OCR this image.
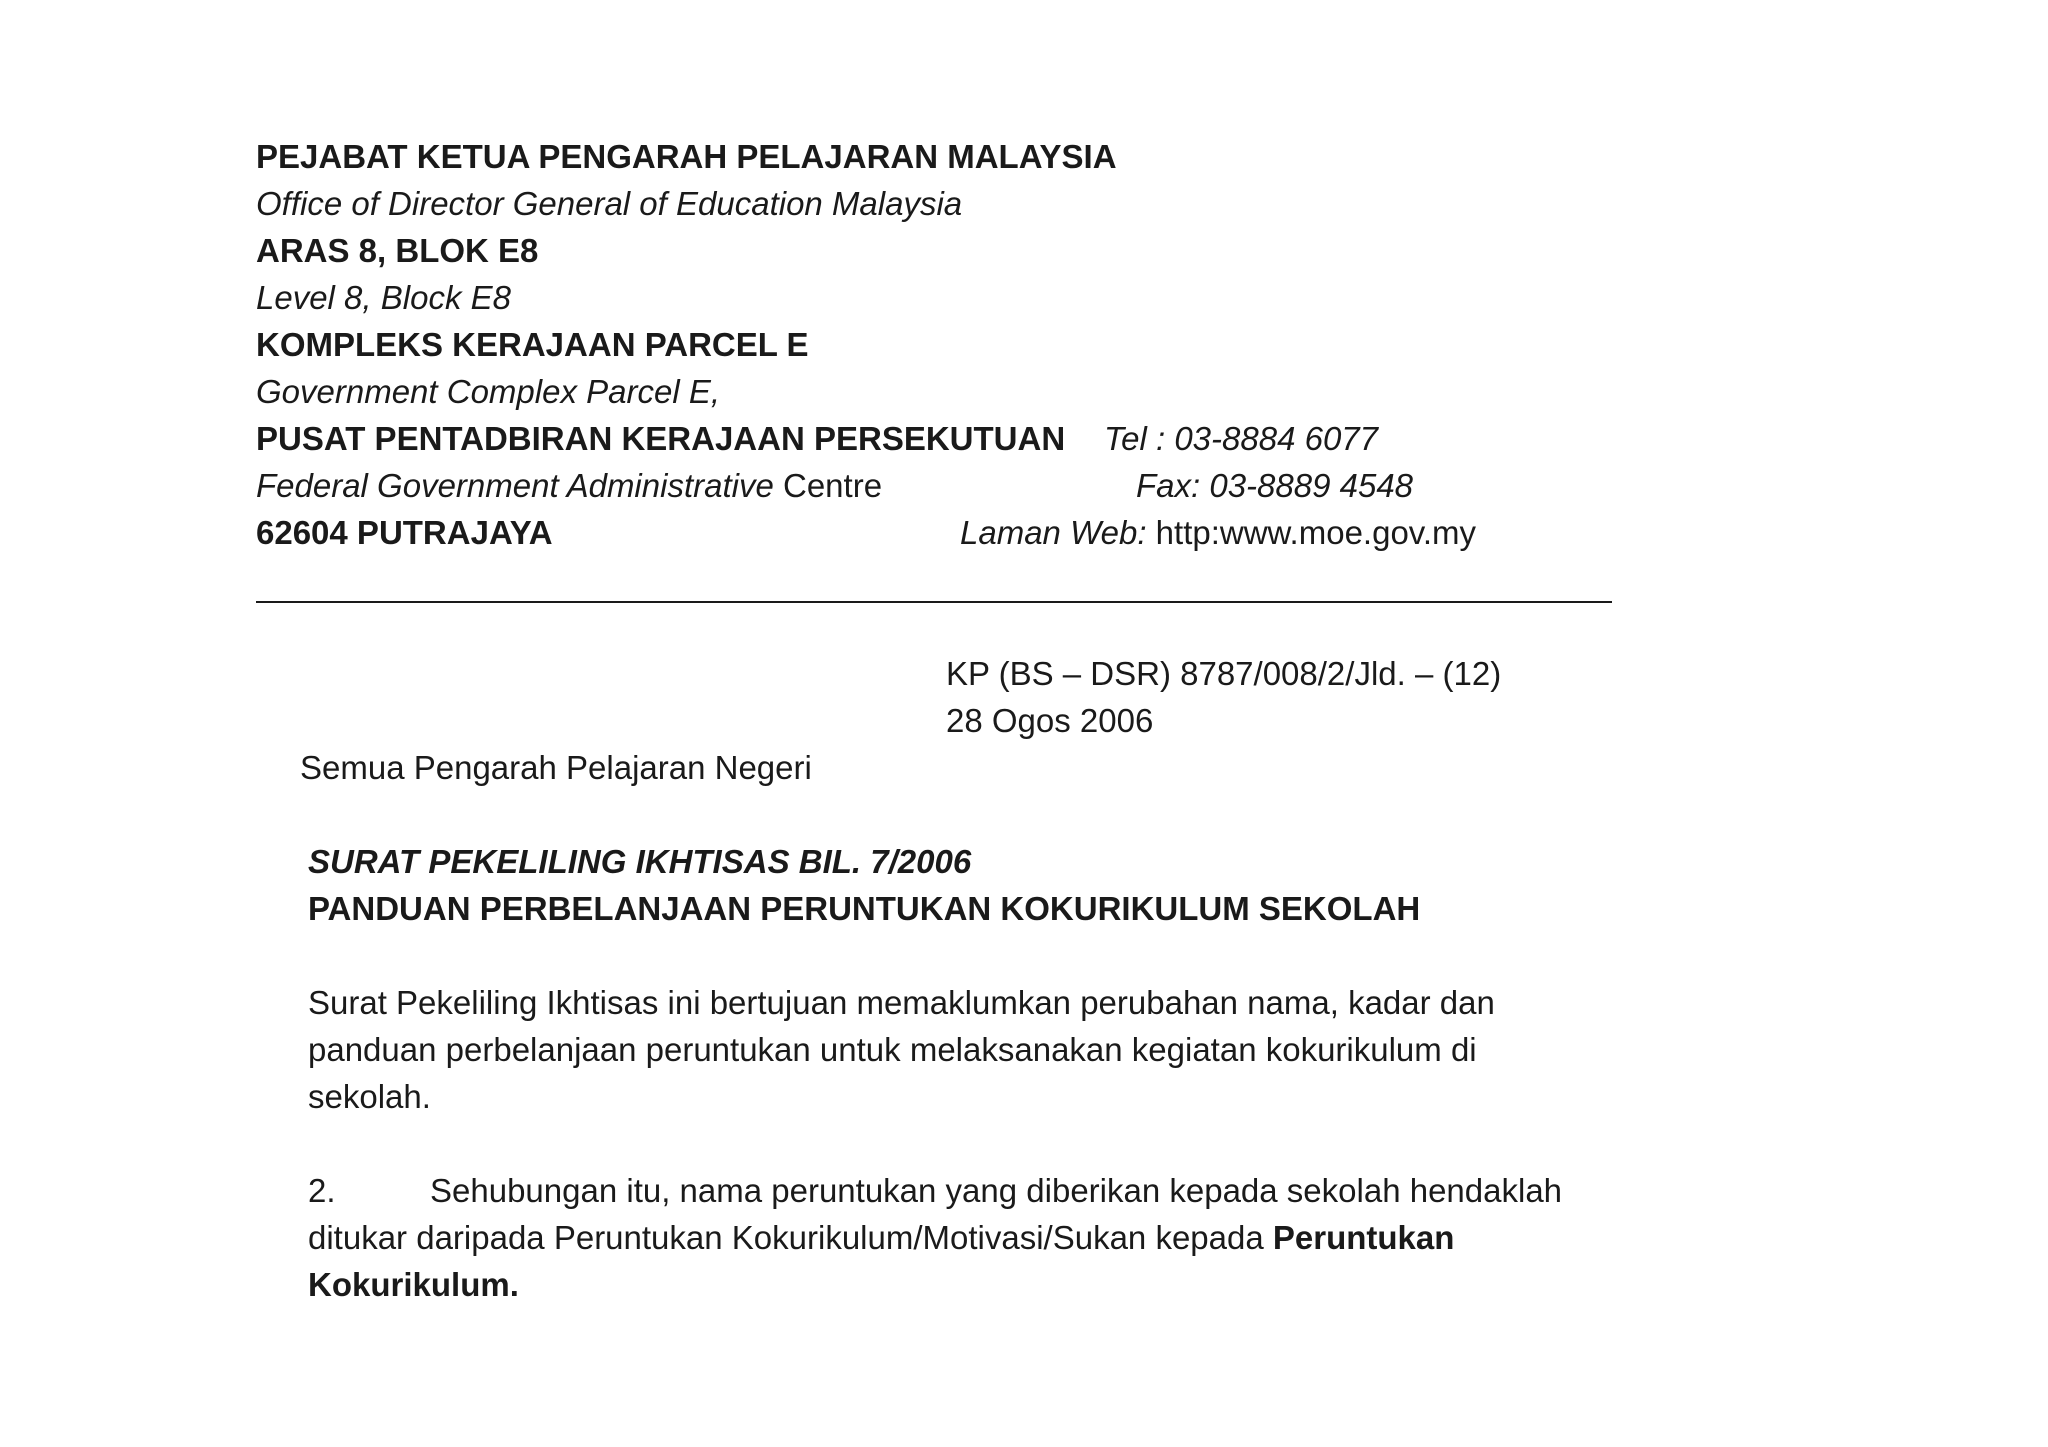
PEJABAT KETUA PENGARAH PELAJARAN MALAYSIA
Office of Director General of Education Malaysia
ARAS 8, BLOK E8
Level 8, Block E8
KOMPLEKS KERAJAAN PARCEL E
Government Complex Parcel E,
PUSAT PENTADBIRAN KERAJAAN PERSEKUTUAN
Federal Government Administrative Centre
62604 PUTRAJAYA
Tel : 03-8884 6077
Fax: 03-8889 4548
Laman Web: http:www.moe.gov.my
KP (BS – DSR) 8787/008/2/Jld. – (12)
28 Ogos 2006
Semua Pengarah Pelajaran Negeri
SURAT PEKELILING IKHTISAS BIL. 7/2006
PANDUAN PERBELANJAAN PERUNTUKAN KOKURIKULUM SEKOLAH
Surat Pekeliling Ikhtisas ini bertujuan memaklumkan perubahan nama, kadar dan
panduan perbelanjaan peruntukan untuk melaksanakan kegiatan kokurikulum di
sekolah.
2.	Sehubungan itu, nama peruntukan yang diberikan kepada sekolah hendaklah
ditukar daripada Peruntukan Kokurikulum/Motivasi/Sukan kepada Peruntukan
Kokurikulum.
